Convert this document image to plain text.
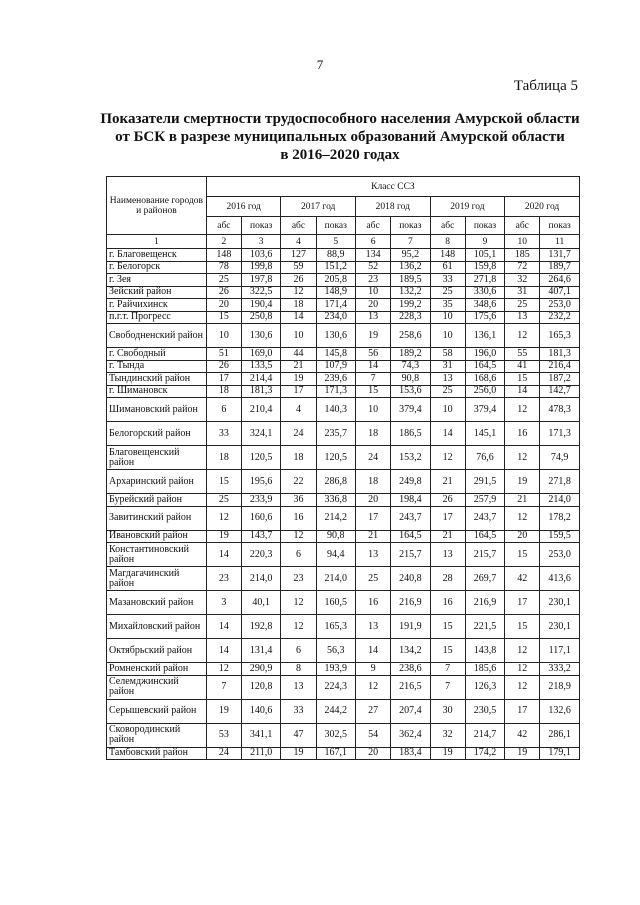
7
Таблица 5
Показатели смертности трудоспособного населения Амурской области
от БСК в разрезе муниципальных образований Амурской области
в 2016–2020 годах
Наименование городов и районов	Класс ССЗ									
	2016 год		2017 год		2018 год		2019 год		2020 год	
	абс	показ	абс	показ	абс	показ	абс	показ	абс	показ
1	2	3	4	5	6	7	8	9	10	11
г. Благовещенск	148	103,6	127	88,9	134	95,2	148	105,1	185	131,7
г. Белогорск	78	199,8	59	151,2	52	136,2	61	159,8	72	189,7
г. Зея	25	197,8	26	205,8	23	189,5	33	271,8	32	264,6
Зейский район	26	322,5	12	148,9	10	132,2	25	330,6	31	407,1
г. Райчихинск	20	190,4	18	171,4	20	199,2	35	348,6	25	253,0
п.г.т. Прогресс	15	250,8	14	234,0	13	228,3	10	175,6	13	232,2
Свободненский район	10	130,6	10	130,6	19	258,6	10	136,1	12	165,3
г. Свободный	51	169,0	44	145,8	56	189,2	58	196,0	55	181,3
г. Тында	26	133,5	21	107,9	14	74,3	31	164,5	41	216,4
Тындинский район	17	214,4	19	239,6	7	90,8	13	168,6	15	187,2
г. Шимановск	18	181,3	17	171,3	15	153,6	25	256,0	14	142,7
Шимановский район	6	210,4	4	140,3	10	379,4	10	379,4	12	478,3
Белогорский район	33	324,1	24	235,7	18	186,5	14	145,1	16	171,3
Благовещенский район	18	120,5	18	120,5	24	153,2	12	76,6	12	74,9
Архаринский район	15	195,6	22	286,8	18	249,8	21	291,5	19	271,8
Бурейский район	25	233,9	36	336,8	20	198,4	26	257,9	21	214,0
Завитинский район	12	160,6	16	214,2	17	243,7	17	243,7	12	178,2
Ивановский район	19	143,7	12	90,8	21	164,5	21	164,5	20	159,5
Константиновский район	14	220,3	6	94,4	13	215,7	13	215,7	15	253,0
Магдагачинский район	23	214,0	23	214,0	25	240,8	28	269,7	42	413,6
Мазановский район	3	40,1	12	160,5	16	216,9	16	216,9	17	230,1
Михайловский район	14	192,8	12	165,3	13	191,9	15	221,5	15	230,1
Октябрьский район	14	131,4	6	56,3	14	134,2	15	143,8	12	117,1
Ромненский район	12	290,9	8	193,9	9	238,6	7	185,6	12	333,2
Селемджинский район	7	120,8	13	224,3	12	216,5	7	126,3	12	218,9
Серышевский район	19	140,6	33	244,2	27	207,4	30	230,5	17	132,6
Сковородинский район	53	341,1	47	302,5	54	362,4	32	214,7	42	286,1
Тамбовский район	24	211,0	19	167,1	20	183,4	19	174,2	19	179,1
